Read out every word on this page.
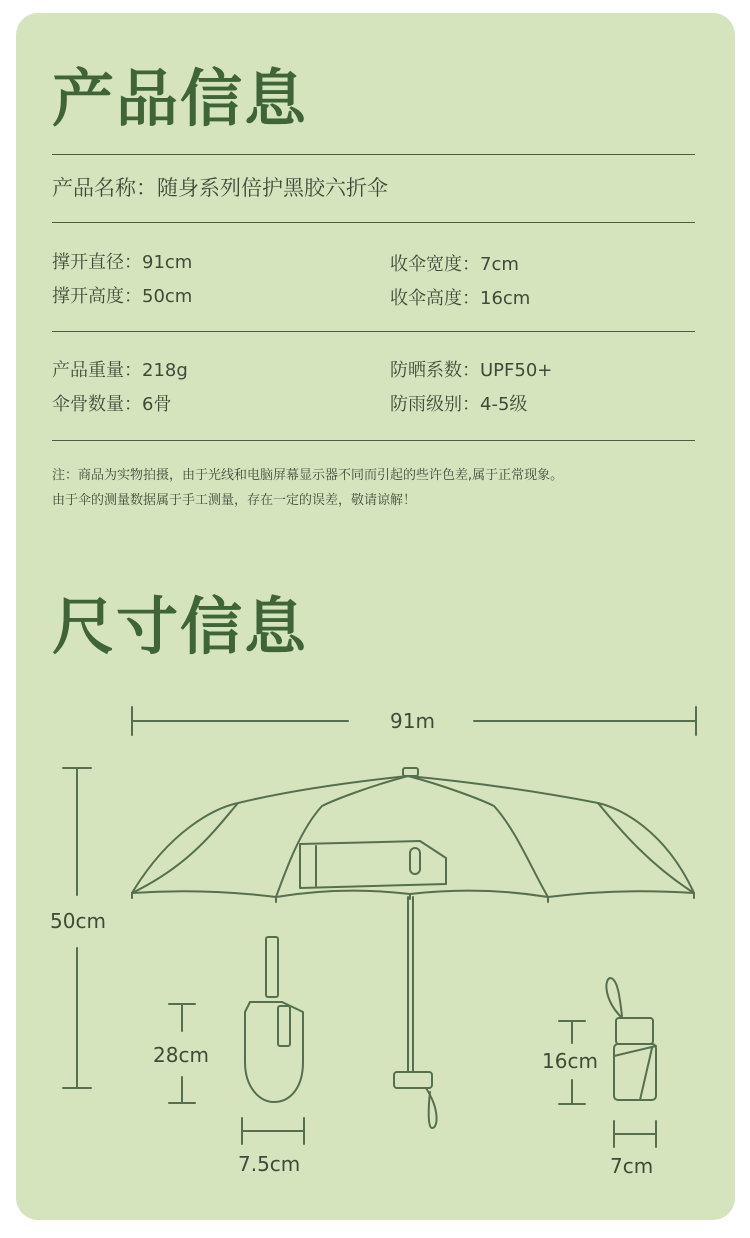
产品信息
产品名称：随身系列倍护黑胶六折伞
撑开直径：91cm
撑开高度：50cm
收伞宽度：7cm
收伞高度：16cm
产品重量：218g
伞骨数量：6骨
防晒系数：UPF50+
防雨级别：4-5级
注：商品为实物拍摄，由于光线和电脑屏幕显示器不同而引起的些许色差,属于正常现象。
由于伞的测量数据属于手工测量，存在一定的误差，敬请谅解！
尺寸信息
91m
50cm
28cm
7.5cm
16cm
7cm
